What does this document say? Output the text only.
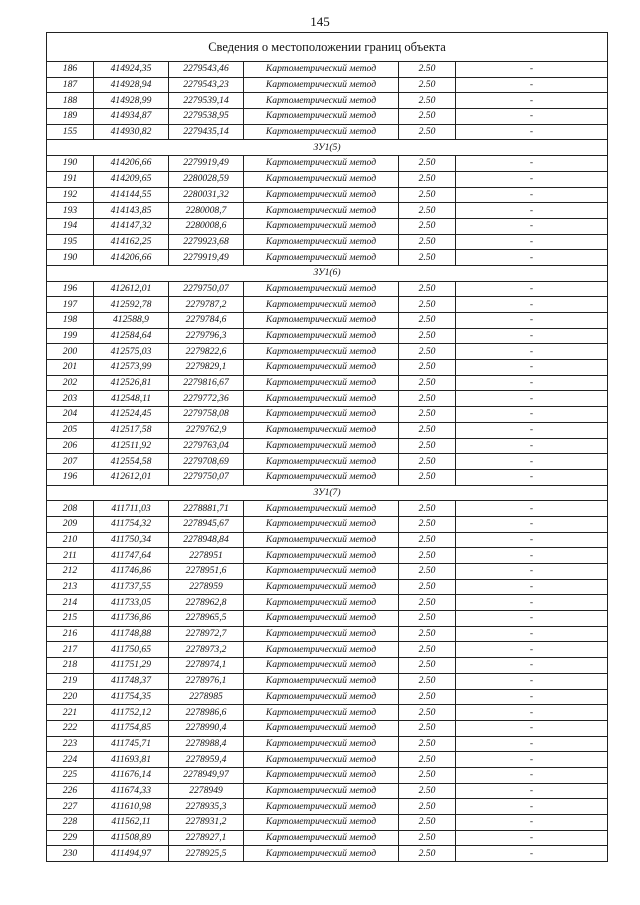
145
Сведения о местоположении границ объекта					
186	414924,35	2279543,46	Картометрический метод	2.50	-
187	414928,94	2279543,23	Картометрический метод	2.50	-
188	414928,99	2279539,14	Картометрический метод	2.50	-
189	414934,87	2279538,95	Картометрический метод	2.50	-
155	414930,82	2279435,14	Картометрический метод	2.50	-
ЗУ1(5)					
190	414206,66	2279919,49	Картометрический метод	2.50	-
191	414209,65	2280028,59	Картометрический метод	2.50	-
192	414144,55	2280031,32	Картометрический метод	2.50	-
193	414143,85	2280008,7	Картометрический метод	2.50	-
194	414147,32	2280008,6	Картометрический метод	2.50	-
195	414162,25	2279923,68	Картометрический метод	2.50	-
190	414206,66	2279919,49	Картометрический метод	2.50	-
ЗУ1(6)					
196	412612,01	2279750,07	Картометрический метод	2.50	-
197	412592,78	2279787,2	Картометрический метод	2.50	-
198	412588,9	2279784,6	Картометрический метод	2.50	-
199	412584,64	2279796,3	Картометрический метод	2.50	-
200	412575,03	2279822,6	Картометрический метод	2.50	-
201	412573,99	2279829,1	Картометрический метод	2.50	-
202	412526,81	2279816,67	Картометрический метод	2.50	-
203	412548,11	2279772,36	Картометрический метод	2.50	-
204	412524,45	2279758,08	Картометрический метод	2.50	-
205	412517,58	2279762,9	Картометрический метод	2.50	-
206	412511,92	2279763,04	Картометрический метод	2.50	-
207	412554,58	2279708,69	Картометрический метод	2.50	-
196	412612,01	2279750,07	Картометрический метод	2.50	-
ЗУ1(7)					
208	411711,03	2278881,71	Картометрический метод	2.50	-
209	411754,32	2278945,67	Картометрический метод	2.50	-
210	411750,34	2278948,84	Картометрический метод	2.50	-
211	411747,64	2278951	Картометрический метод	2.50	-
212	411746,86	2278951,6	Картометрический метод	2.50	-
213	411737,55	2278959	Картометрический метод	2.50	-
214	411733,05	2278962,8	Картометрический метод	2.50	-
215	411736,86	2278965,5	Картометрический метод	2.50	-
216	411748,88	2278972,7	Картометрический метод	2.50	-
217	411750,65	2278973,2	Картометрический метод	2.50	-
218	411751,29	2278974,1	Картометрический метод	2.50	-
219	411748,37	2278976,1	Картометрический метод	2.50	-
220	411754,35	2278985	Картометрический метод	2.50	-
221	411752,12	2278986,6	Картометрический метод	2.50	-
222	411754,85	2278990,4	Картометрический метод	2.50	-
223	411745,71	2278988,4	Картометрический метод	2.50	-
224	411693,81	2278959,4	Картометрический метод	2.50	-
225	411676,14	2278949,97	Картометрический метод	2.50	-
226	411674,33	2278949	Картометрический метод	2.50	-
227	411610,98	2278935,3	Картометрический метод	2.50	-
228	411562,11	2278931,2	Картометрический метод	2.50	-
229	411508,89	2278927,1	Картометрический метод	2.50	-
230	411494,97	2278925,5	Картометрический метод	2.50	-
